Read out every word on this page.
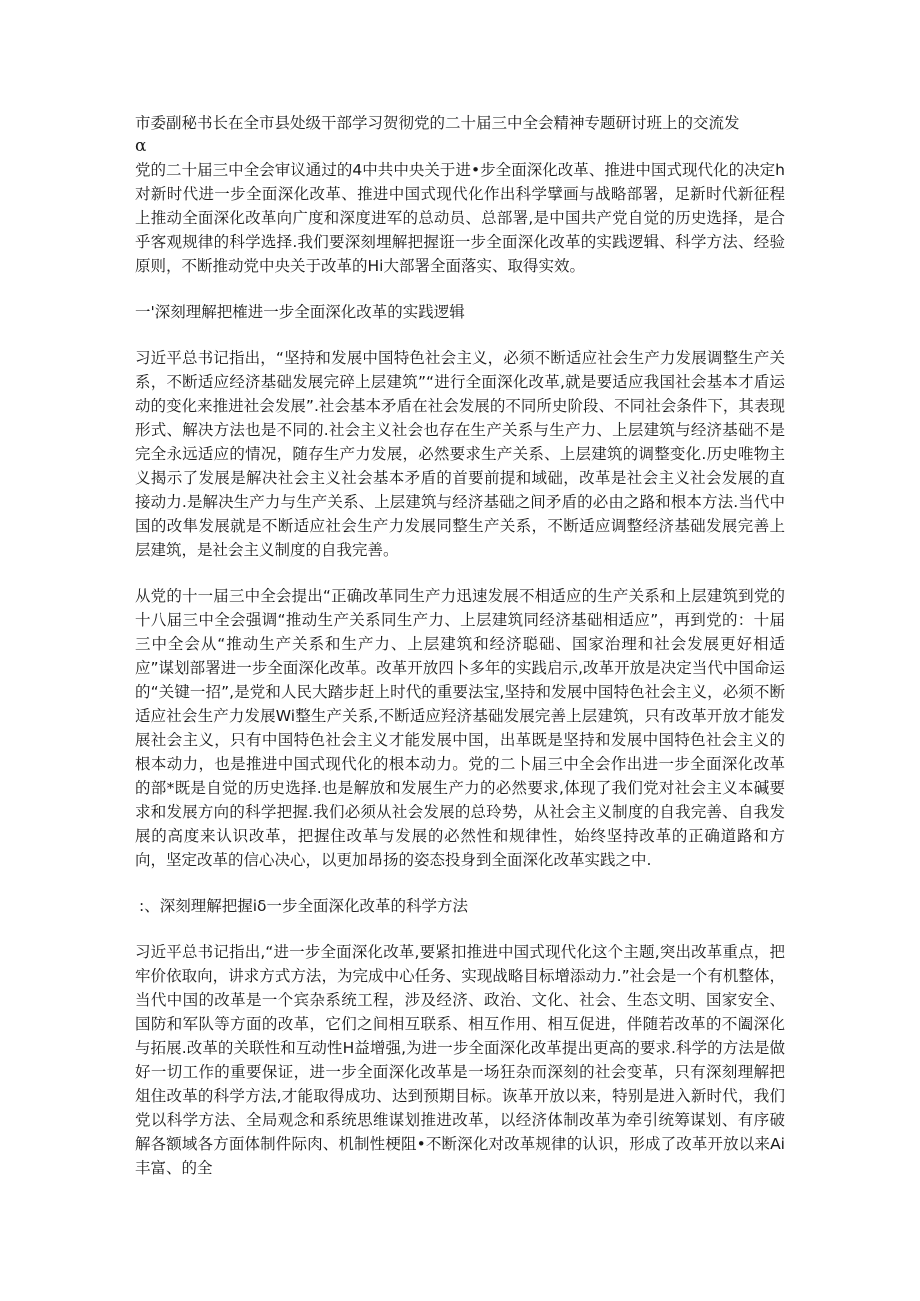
市委副秘书长在全市县处级干部学习贺彻党的二十届三中全会精神专题研讨班上的交流发
α

党的二十届三中全会审议通过的4中共中央关于进•步全面深化改革、推进中国式现代化的决定h对新时代进一步全面深化改革、推进中国式现代化作出科学擘画与战略部署，足新时代新征程上推动全面深化改革向广度和深度进军的总动员、总部署,是中国共产党自觉的历史选择，是合乎客观规律的科学选择.我们要深刻埋解把握诳一步全面深化改革的实践逻辑、科学方法、经验原则，不断推动党中央关于改革的Hi大部署全面落实、取得实效。

一'深刻理解把榷进一步全面深化改革的实践逻辑

习近平总书记指出，“坚持和发展中国特色社会主义，必须不断适应社会生产力发展调整生产关系，不断适应经济基础发展完碎上层建筑”“进行全面深化改革,就是要适应我国社会基本才盾运动的变化来推进社会发展”.社会基本矛盾在社会发展的不同所史阶段、不同社会条件下，其表现形式、解决方法也是不同的.社会主义社会也存在生产关系与生产力、上层建筑与经济基础不是完全永远适应的情况，随存生产力发展，必然要求生产关系、上层建筑的调整变化.历史唯物主义揭示了发展是解决社会主义社会基本矛盾的首要前提和域础，改革是社会主义社会发展的直接动力.是解决生产力与生产关系、上层建筑与经济基础之间矛盾的必由之路和根本方法.当代中国的改隼发展就是不断适应社会生产力发展同整生产关系，不断适应调整经济基础发展完善上层建筑，是社会主义制度的自我完善。

从党的十一届三中全会提出“正确改革同生产力迅速发展不相适应的生产关系和上层建筑到党的十八届三中全会强调“推动生产关系同生产力、上层建筑同经济基础相适应”，再到党的：十届三中全会从“推动生产关系和生产力、上层建筑和经济聪础、国家治理和社会发展更好相适应”谋划部署进一步全面深化改革。改革开放四卜多年的实践启示,改革开放是决定当代中国命运的“关键一招”,是党和人民大踏步赶上时代的重要法宝,坚持和发展中国特色社会主义，必须不断适应社会生产力发展Wi整生产关系,不断适应羟济基础发展完善上层建筑，只有改革开放才能发展社会主义，只有中国特色社会主义才能发展中国，出革既是坚持和发展中国特色社会主义的根本动力，也是推进中国式现代化的根本动力。党的二卜届三中全会作出进一步全面深化改革的部*既是自觉的历史选择.也是解放和发展生产力的必然要求,体现了我们党对社会主义本碱要求和发展方向的科学把握.我们必须从社会发展的总玲势，从社会主义制度的自我完善、自我发展的高度来认识改革，把握住改革与发展的必然性和规律性，始终坚持改革的正确道路和方向，坚定改革的信心决心，以更加昂扬的姿态投身到全面深化改革实践之中.

:、深刻理解把握iδ一步全面深化改革的科学方法

习近平总书记指出,“进一步全面深化改革,要紧扣推进中国式现代化这个主题,突出改革重点，把牢价依取向，讲求方式方法，为完成中心任务、实现战略目标增添动力.”社会是一个有机整体，当代中国的改革是一个宾杂系统工程，涉及经济、政治、文化、社会、生态文明、国家安全、国防和军队等方面的改革，它们之间相互联系、相互作用、相互促进，伴随若改革的不阖深化与拓展.改革的关联性和互动性H益增强,为进一步全面深化改革提出更高的要求.科学的方法是做好一切工作的重要保证，进一步全面深化改革是一场狂杂而深刻的社会变革，只有深刻理解把俎住改革的科学方法,才能取得成功、达到预期目标。诙革开放以来，特别是进入新时代，我们党以科学方法、全局观念和系统思维谋划推进改革，以经济体制改革为牵引统筹谋划、有序破解各额域各方面体制件际肉、机制性梗阻•不断深化对改革规律的认识，形成了改革开放以来Ai丰富、的全
